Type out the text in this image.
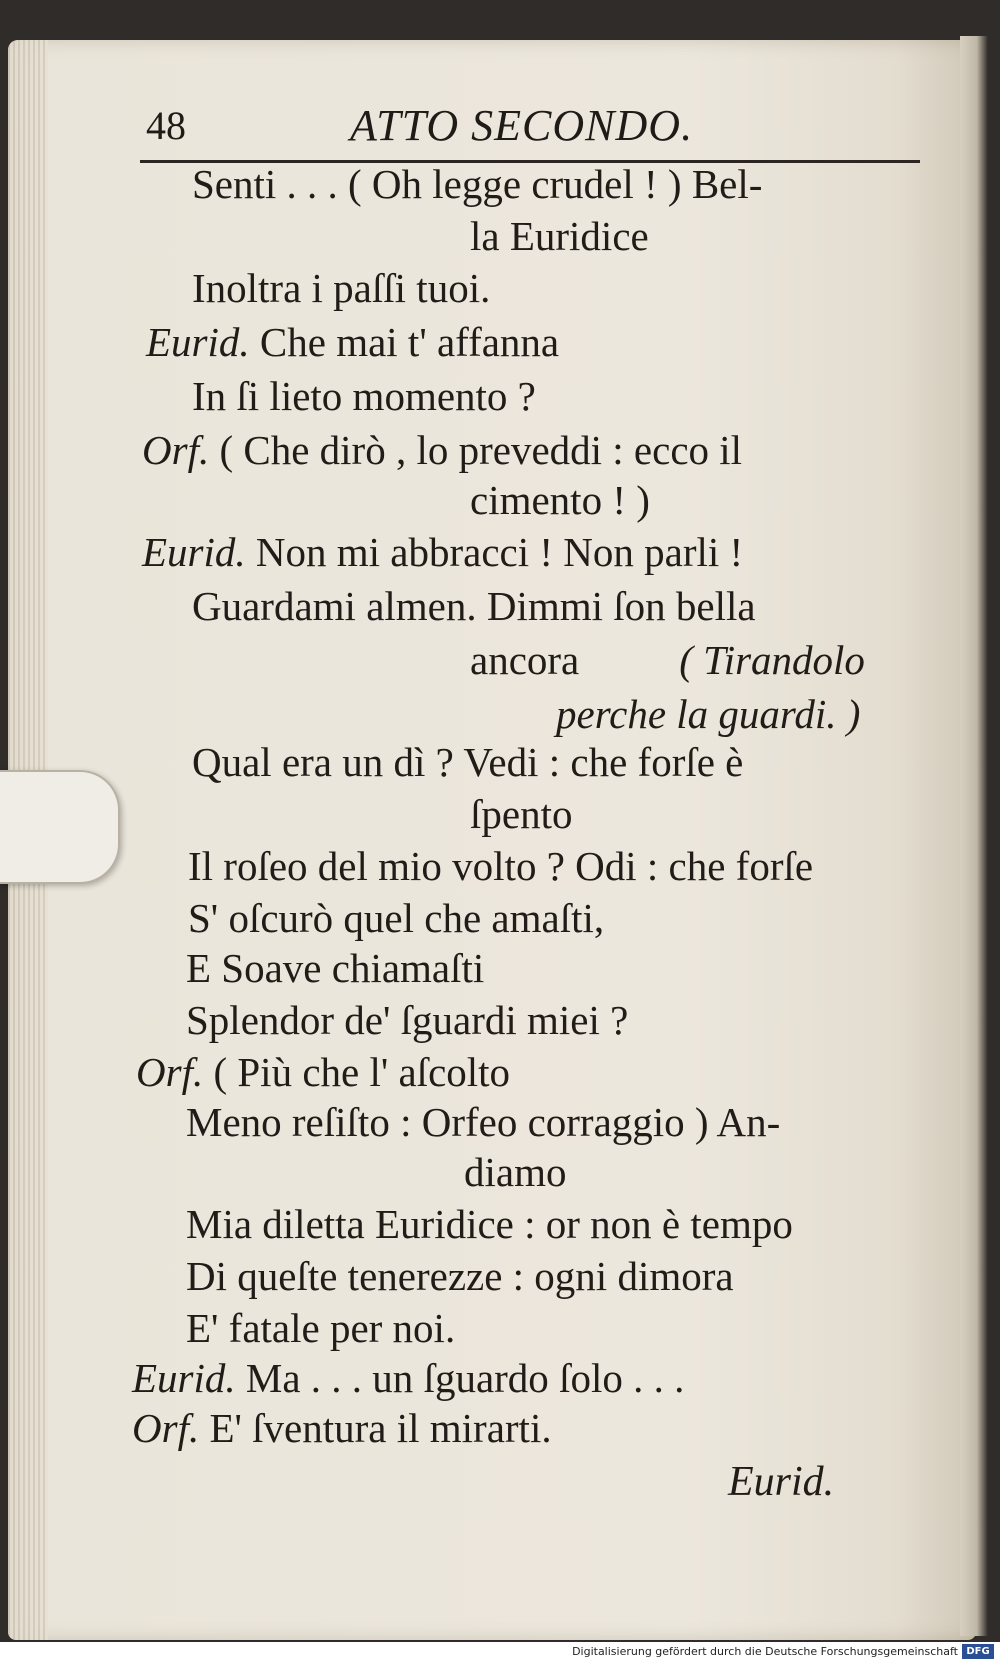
48	ATTO SECONDO.
Senti . . . ( Oh legge crudel ! ) Bel-
la Euridice
Inoltra i paſſi tuoi.
Eurid. Che mai t' affanna
In ſi lieto momento ?
Orf. ( Che dirò , lo preveddi : ecco il
cimento ! )
Eurid. Non mi abbracci ! Non parli !
Guardami almen. Dimmi ſon bella
ancora ( Tirandolo
perche la guardi. )
Qual era un dì ? Vedi : che forſe è
ſpento
Il roſeo del mio volto ? Odi : che forſe
S' oſcurò quel che amaſti,
E Soave chiamaſti
Splendor de' ſguardi miei ?
Orf. ( Più che l' aſcolto
Meno reſiſto : Orfeo corraggio ) An-
diamo
Mia diletta Euridice : or non è tempo
Di queſte tenerezze : ogni dimora
E' fatale per noi.
Eurid. Ma . . . un ſguardo ſolo . . .
Orf. E' ſventura il mirarti.
Eurid.
Digitalisierung gefördert durch die Deutsche Forschungsgemeinschaft DFG
